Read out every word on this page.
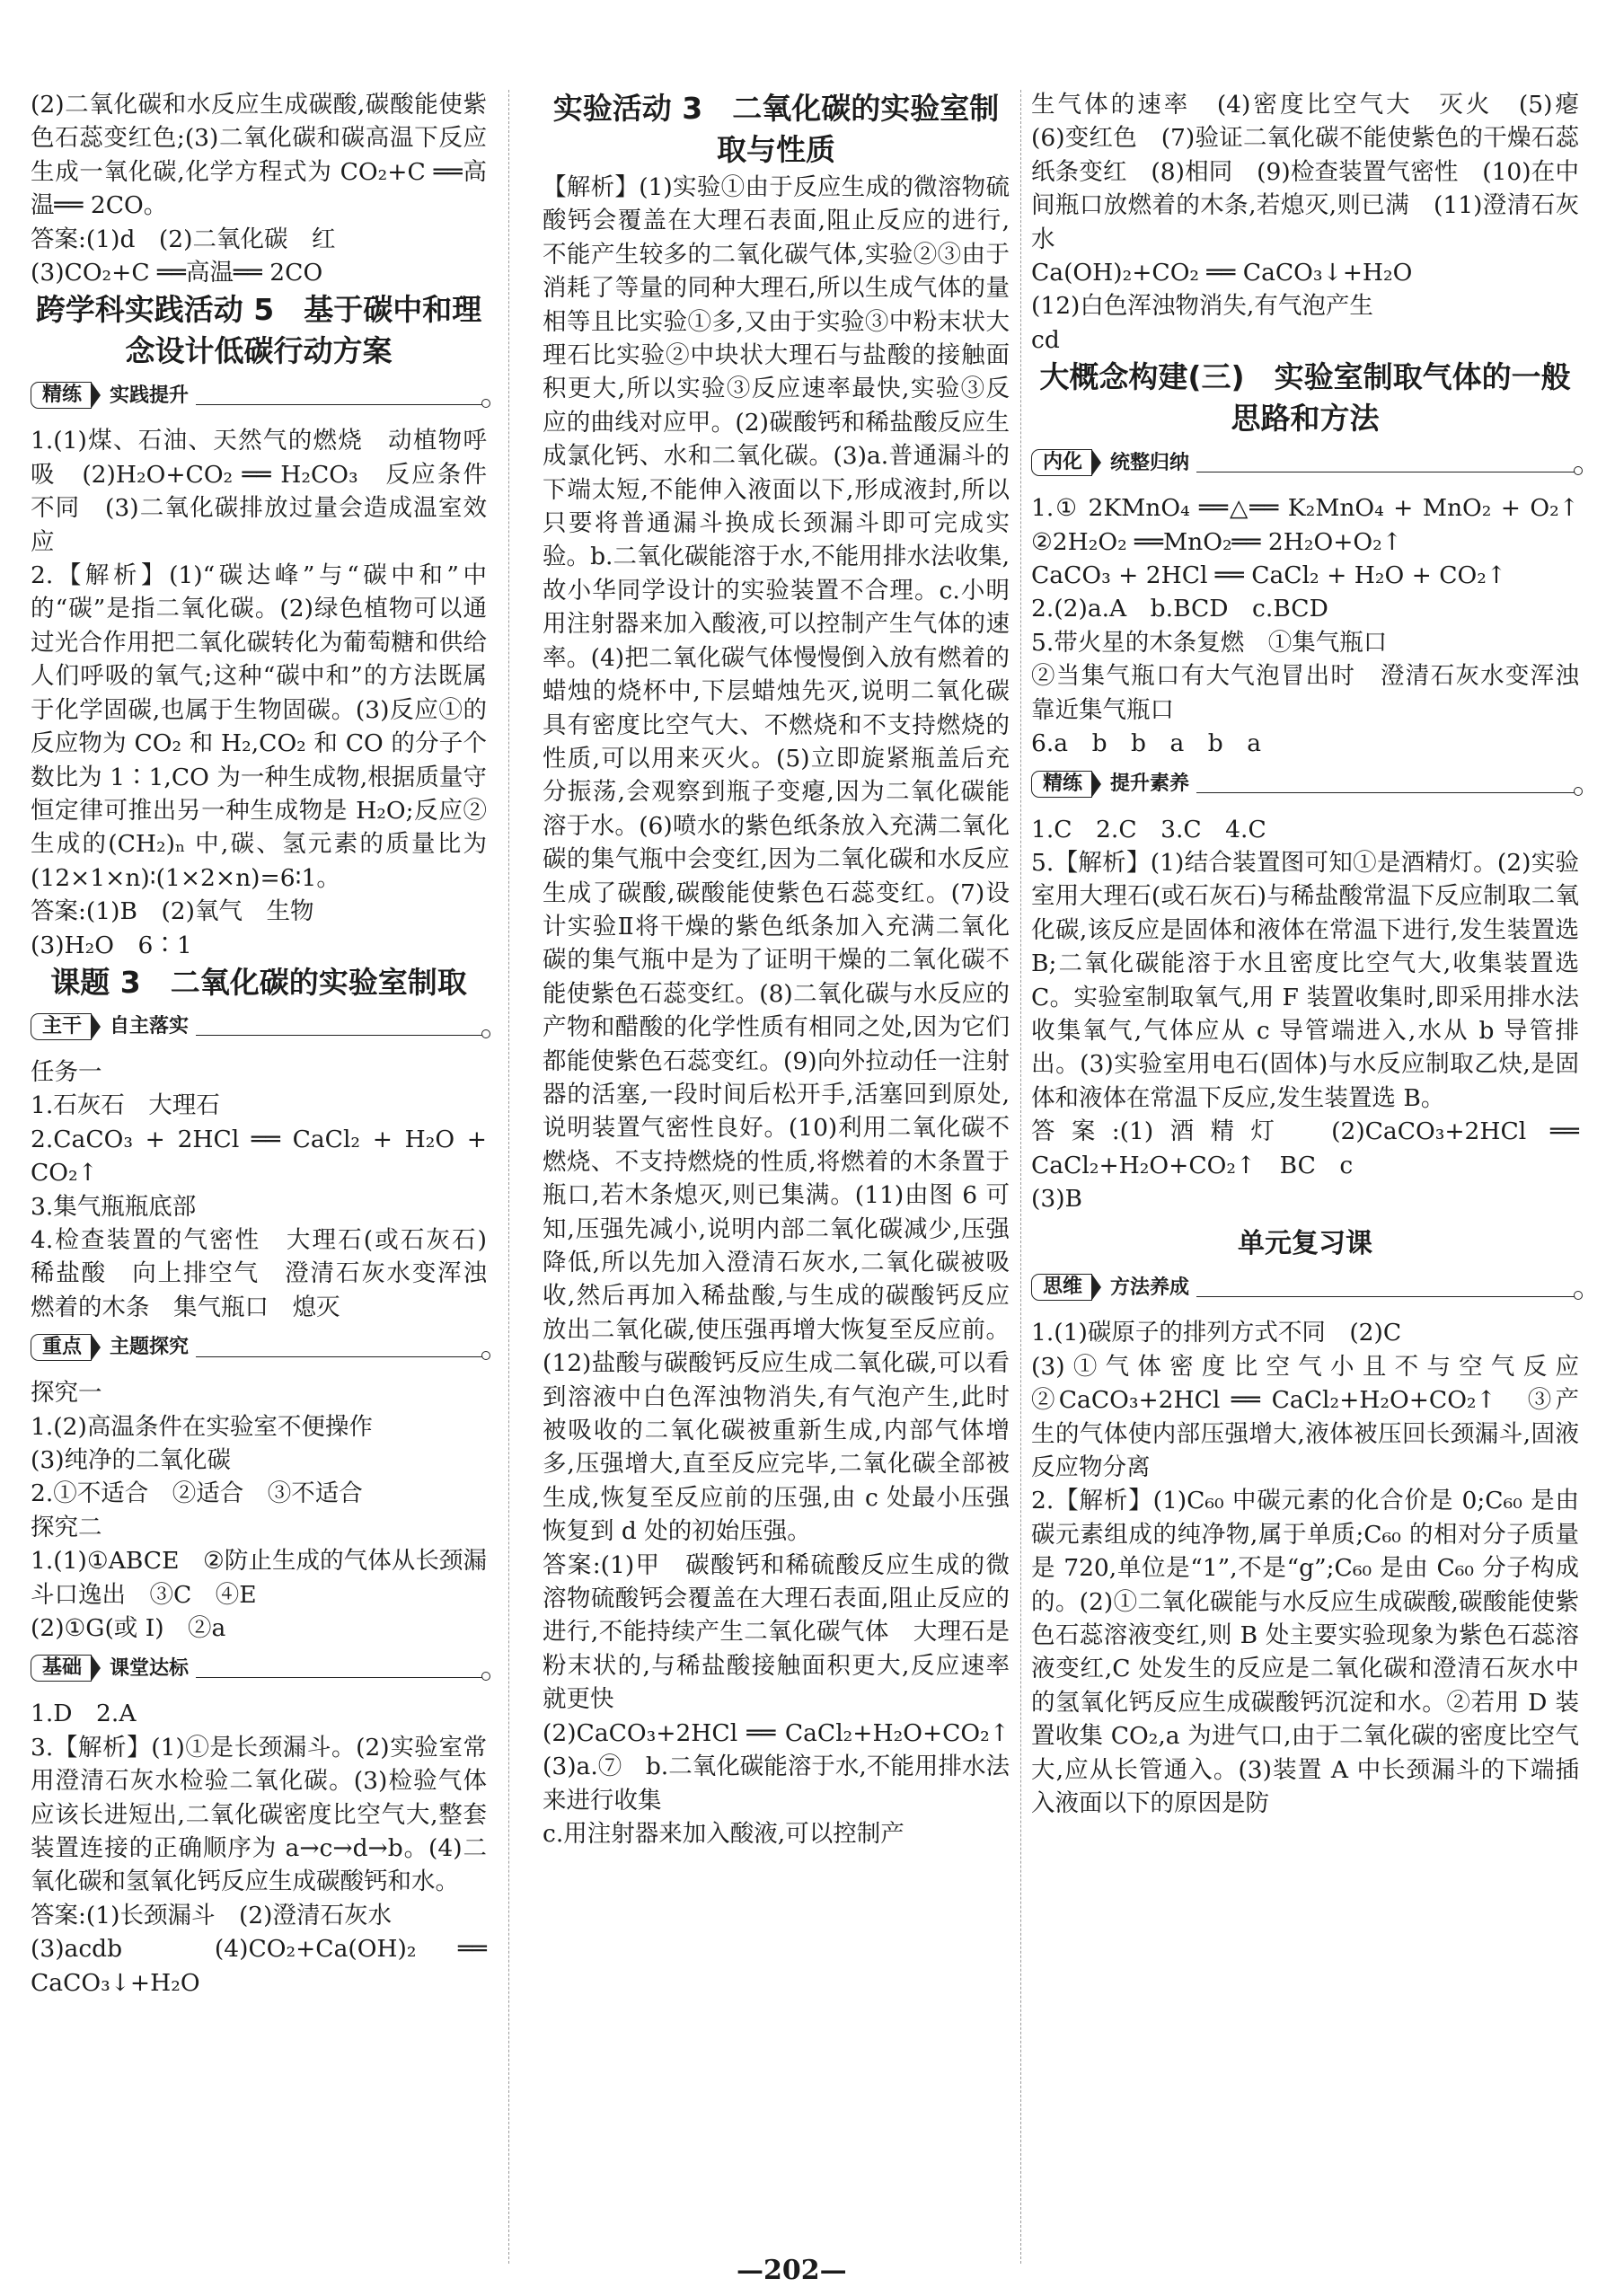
(2)二氧化碳和水反应生成碳酸,碳酸能使紫色石蕊变红色;(3)二氧化碳和碳高温下反应生成一氧化碳,化学方程式为 CO₂+C ══高温══ 2CO。

答案:(1)d　(2)二氧化碳　红

(3)CO₂+C ══高温══ 2CO

跨学科实践活动 5　基于碳中和理念设计低碳行动方案
精练	实践提升

1.(1)煤、石油、天然气的燃烧　动植物呼吸　(2)H₂O+CO₂ ══ H₂CO₃　反应条件不同　(3)二氧化碳排放过量会造成温室效应

2.【解析】(1)“碳达峰”与“碳中和”中的“碳”是指二氧化碳。(2)绿色植物可以通过光合作用把二氧化碳转化为葡萄糖和供给人们呼吸的氧气;这种“碳中和”的方法既属于化学固碳,也属于生物固碳。(3)反应①的反应物为 CO₂ 和 H₂,CO₂ 和 CO 的分子个数比为 1∶1,CO 为一种生成物,根据质量守恒定律可推出另一种生成物是 H₂O;反应②生成的(CH₂)ₙ 中,碳、氢元素的质量比为(12×1×n)∶(1×2×n)=6∶1。

答案:(1)B　(2)氧气　生物

(3)H₂O　6∶1

课题 3　二氧化碳的实验室制取
主干	自主落实

任务一

1.石灰石　大理石

2.CaCO₃ + 2HCl ══ CaCl₂ + H₂O + CO₂↑

3.集气瓶瓶底部

4.检查装置的气密性　大理石(或石灰石)　稀盐酸　向上排空气　澄清石灰水变浑浊　燃着的木条　集气瓶口　熄灭

重点	主题探究

探究一

1.(2)高温条件在实验室不便操作

(3)纯净的二氧化碳

2.①不适合　②适合　③不适合

探究二

1.(1)①ABCE　②防止生成的气体从长颈漏斗口逸出　③C　④E

(2)①G(或 I)　②a

基础	课堂达标

1.D　2.A

3.【解析】(1)①是长颈漏斗。(2)实验室常用澄清石灰水检验二氧化碳。(3)检验气体应该长进短出,二氧化碳密度比空气大,整套装置连接的正确顺序为 a→c→d→b。(4)二氧化碳和氢氧化钙反应生成碳酸钙和水。

答案:(1)长颈漏斗　(2)澄清石灰水

(3)acdb　(4)CO₂+Ca(OH)₂ ══ CaCO₃↓+H₂O

实验活动 3　二氧化碳的实验室制取与性质

【解析】(1)实验①由于反应生成的微溶物硫酸钙会覆盖在大理石表面,阻止反应的进行,不能产生较多的二氧化碳气体,实验②③由于消耗了等量的同种大理石,所以生成气体的量相等且比实验①多,又由于实验③中粉末状大理石比实验②中块状大理石与盐酸的接触面积更大,所以实验③反应速率最快,实验③反应的曲线对应甲。(2)碳酸钙和稀盐酸反应生成氯化钙、水和二氧化碳。(3)a.普通漏斗的下端太短,不能伸入液面以下,形成液封,所以只要将普通漏斗换成长颈漏斗即可完成实验。b.二氧化碳能溶于水,不能用排水法收集,故小华同学设计的实验装置不合理。c.小明用注射器来加入酸液,可以控制产生气体的速率。(4)把二氧化碳气体慢慢倒入放有燃着的蜡烛的烧杯中,下层蜡烛先灭,说明二氧化碳具有密度比空气大、不燃烧和不支持燃烧的性质,可以用来灭火。(5)立即旋紧瓶盖后充分振荡,会观察到瓶子变瘪,因为二氧化碳能溶于水。(6)喷水的紫色纸条放入充满二氧化碳的集气瓶中会变红,因为二氧化碳和水反应生成了碳酸,碳酸能使紫色石蕊变红。(7)设计实验Ⅱ将干燥的紫色纸条加入充满二氧化碳的集气瓶中是为了证明干燥的二氧化碳不能使紫色石蕊变红。(8)二氧化碳与水反应的产物和醋酸的化学性质有相同之处,因为它们都能使紫色石蕊变红。(9)向外拉动任一注射器的活塞,一段时间后松开手,活塞回到原处,说明装置气密性良好。(10)利用二氧化碳不燃烧、不支持燃烧的性质,将燃着的木条置于瓶口,若木条熄灭,则已集满。(11)由图 6 可知,压强先减小,说明内部二氧化碳减少,压强降低,所以先加入澄清石灰水,二氧化碳被吸收,然后再加入稀盐酸,与生成的碳酸钙反应放出二氧化碳,使压强再增大恢复至反应前。(12)盐酸与碳酸钙反应生成二氧化碳,可以看到溶液中白色浑浊物消失,有气泡产生,此时被吸收的二氧化碳被重新生成,内部气体增多,压强增大,直至反应完毕,二氧化碳全部被生成,恢复至反应前的压强,由 c 处最小压强恢复到 d 处的初始压强。

答案:(1)甲　碳酸钙和稀硫酸反应生成的微溶物硫酸钙会覆盖在大理石表面,阻止反应的进行,不能持续产生二氧化碳气体　大理石是粉末状的,与稀盐酸接触面积更大,反应速率就更快

(2)CaCO₃+2HCl ══ CaCl₂+H₂O+CO₂↑　(3)a.⑦　b.二氧化碳能溶于水,不能用排水法来进行收集

c.用注射器来加入酸液,可以控制产

生气体的速率　(4)密度比空气大　灭火　(5)瘪　(6)变红色　(7)验证二氧化碳不能使紫色的干燥石蕊纸条变红　(8)相同　(9)检查装置气密性　(10)在中间瓶口放燃着的木条,若熄灭,则已满　(11)澄清石灰水

Ca(OH)₂+CO₂ ══ CaCO₃↓+H₂O

(12)白色浑浊物消失,有气泡产生

cd

大概念构建(三)　实验室制取气体的一般思路和方法
内化	统整归纳

1.① 2KMnO₄ ══△══ K₂MnO₄ + MnO₂ + O₂↑　②2H₂O₂ ══MnO₂══ 2H₂O+O₂↑

CaCO₃ + 2HCl ══ CaCl₂ + H₂O + CO₂↑

2.(2)a.A　b.BCD　c.BCD

5.带火星的木条复燃　①集气瓶口

②当集气瓶口有大气泡冒出时　澄清石灰水变浑浊　靠近集气瓶口

6.a　b　b　a　b　a

精练	提升素养

1.C　2.C　3.C　4.C

5.【解析】(1)结合装置图可知①是酒精灯。(2)实验室用大理石(或石灰石)与稀盐酸常温下反应制取二氧化碳,该反应是固体和液体在常温下进行,发生装置选 B;二氧化碳能溶于水且密度比空气大,收集装置选 C。实验室制取氧气,用 F 装置收集时,即采用排水法收集氧气,气体应从 c 导管端进入,水从 b 导管排出。(3)实验室用电石(固体)与水反应制取乙炔,是固体和液体在常温下反应,发生装置选 B。

答案:(1)酒精灯　(2)CaCO₃+2HCl ══ CaCl₂+H₂O+CO₂↑　BC　c

(3)B

单元复习课
思维	方法养成

1.(1)碳原子的排列方式不同　(2)C

(3)①气体密度比空气小且不与空气反应　②CaCO₃+2HCl ══ CaCl₂+H₂O+CO₂↑　③产生的气体使内部压强增大,液体被压回长颈漏斗,固液反应物分离

2.【解析】(1)C₆₀ 中碳元素的化合价是 0;C₆₀ 是由碳元素组成的纯净物,属于单质;C₆₀ 的相对分子质量是 720,单位是“1”,不是“g”;C₆₀ 是由 C₆₀ 分子构成的。(2)①二氧化碳能与水反应生成碳酸,碳酸能使紫色石蕊溶液变红,则 B 处主要实验现象为紫色石蕊溶液变红,C 处发生的反应是二氧化碳和澄清石灰水中的氢氧化钙反应生成碳酸钙沉淀和水。②若用 D 装置收集 CO₂,a 为进气口,由于二氧化碳的密度比空气大,应从长管通入。(3)装置 A 中长颈漏斗的下端插入液面以下的原因是防

—202—
